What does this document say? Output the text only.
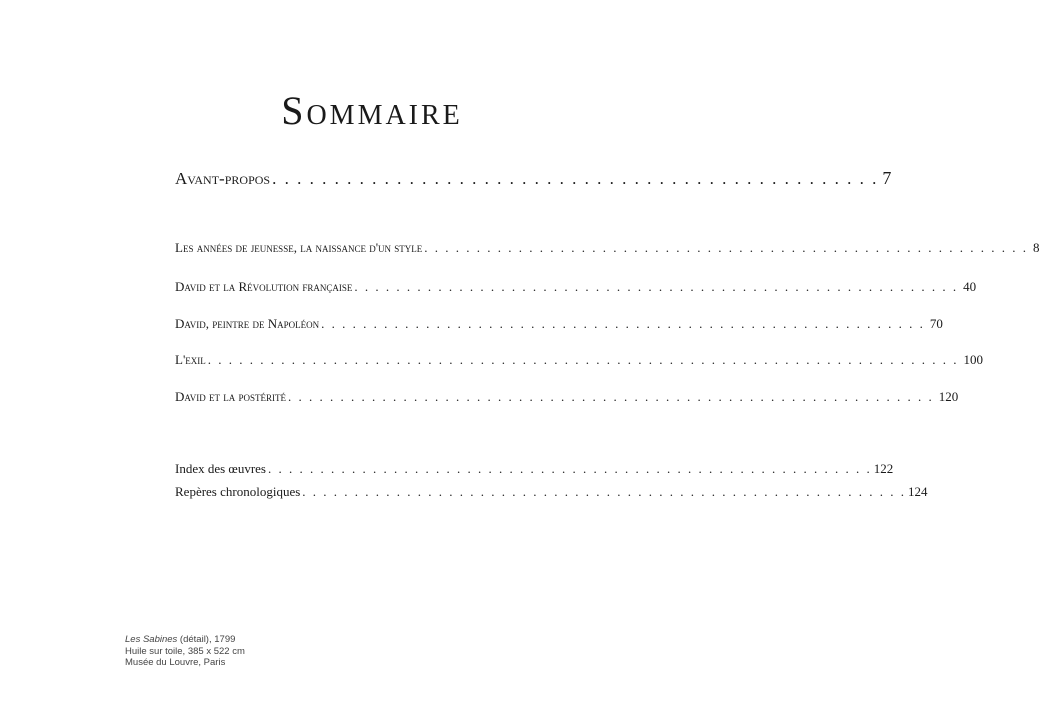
Sommaire
Avant-propos . . . . . . . . . . . . . . . . . . . . . . . . . . . . . . . . . . . . . . . . . . . . . . . . . 7
Les années de jeunesse, la naissance d'un style . . . . . . . . . . . . . . . . . . . . . . . . . . . . . . . . . . . . . . . . . . . . . . . . . . . . . . . . . . 8
David et la Révolution française . . . . . . . . . . . . . . . . . . . . . . . . . . . . . . . . . . . . . . . . . . . . . . . . . . . . . . . . . . 40
David, peintre de Napoléon . . . . . . . . . . . . . . . . . . . . . . . . . . . . . . . . . . . . . . . . . . . . . . . . . . . . . . . . . . 70
L'exil . . . . . . . . . . . . . . . . . . . . . . . . . . . . . . . . . . . . . . . . . . . . . . . . . . . . . . . . . . . . . . . . . . . . . . . . 100
David et la postérité . . . . . . . . . . . . . . . . . . . . . . . . . . . . . . . . . . . . . . . . . . . . . . . . . . . . . . . . . . . . . . 120
Index des œuvres . . . . . . . . . . . . . . . . . . . . . . . . . . . . . . . . . . . . . . . . . . . . . . . . . . . . . . . . . . 122
Repères chronologiques . . . . . . . . . . . . . . . . . . . . . . . . . . . . . . . . . . . . . . . . . . . . . . . . . . . . . . . . . . 124
Les Sabines (détail), 1799
Huile sur toile, 385 x 522 cm
Musée du Louvre, Paris
